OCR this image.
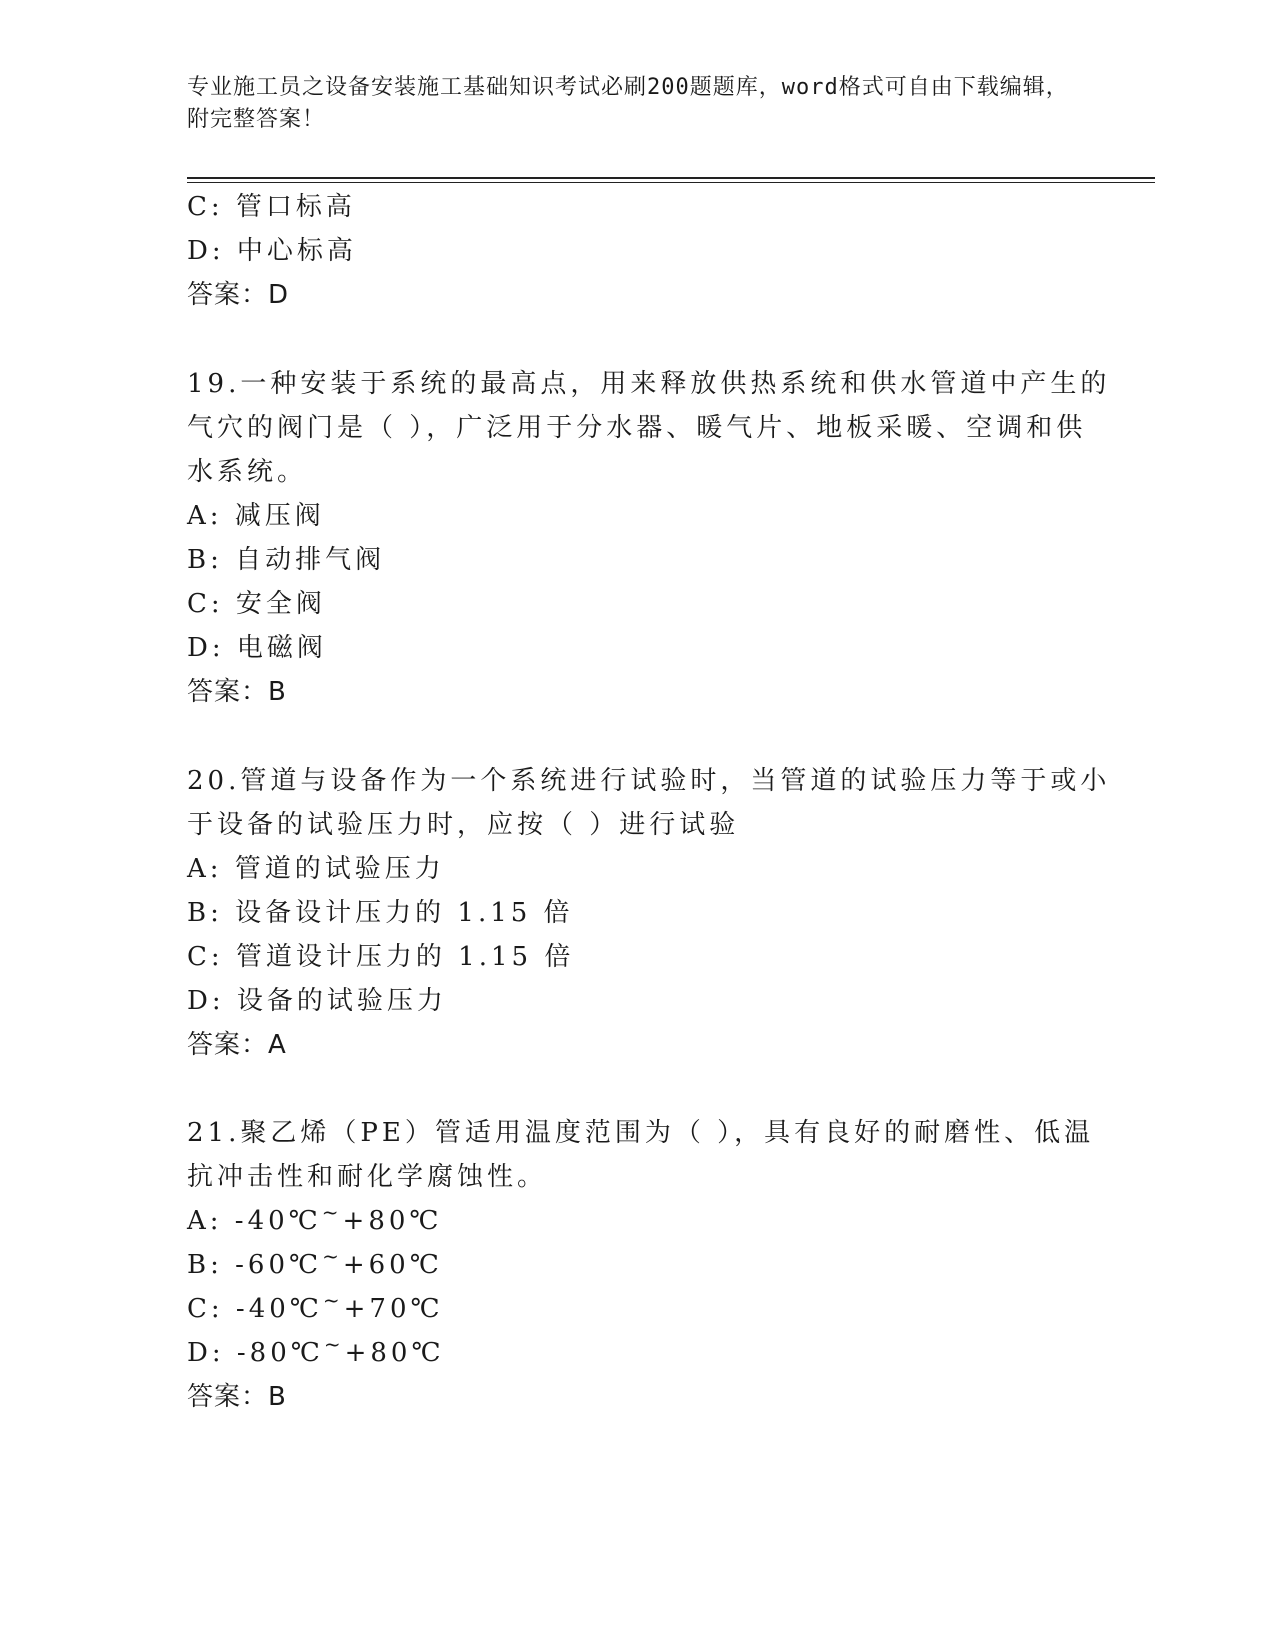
专业施工员之设备安装施工基础知识考试必刷200题题库，word格式可自由下载编辑，附完整答案！
C: 管口标高
D: 中心标高
答案：D
19.一种安装于系统的最高点，用来释放供热系统和供水管道中产生的
气穴的阀门是（ ），广泛用于分水器、暖气片、地板采暖、空调和供
水系统。
A: 减压阀
B: 自动排气阀
C: 安全阀
D: 电磁阀
答案：B
20.管道与设备作为一个系统进行试验时，当管道的试验压力等于或小
于设备的试验压力时，应按（ ）进行试验
A: 管道的试验压力
B: 设备设计压力的 1.15 倍
C: 管道设计压力的 1.15 倍
D: 设备的试验压力
答案：A
21.聚乙烯（PE）管适用温度范围为（ ），具有良好的耐磨性、低温
抗冲击性和耐化学腐蚀性。
A: -40℃~+80℃
B: -60℃~+60℃
C: -40℃~+70℃
D: -80℃~+80℃
答案：B
